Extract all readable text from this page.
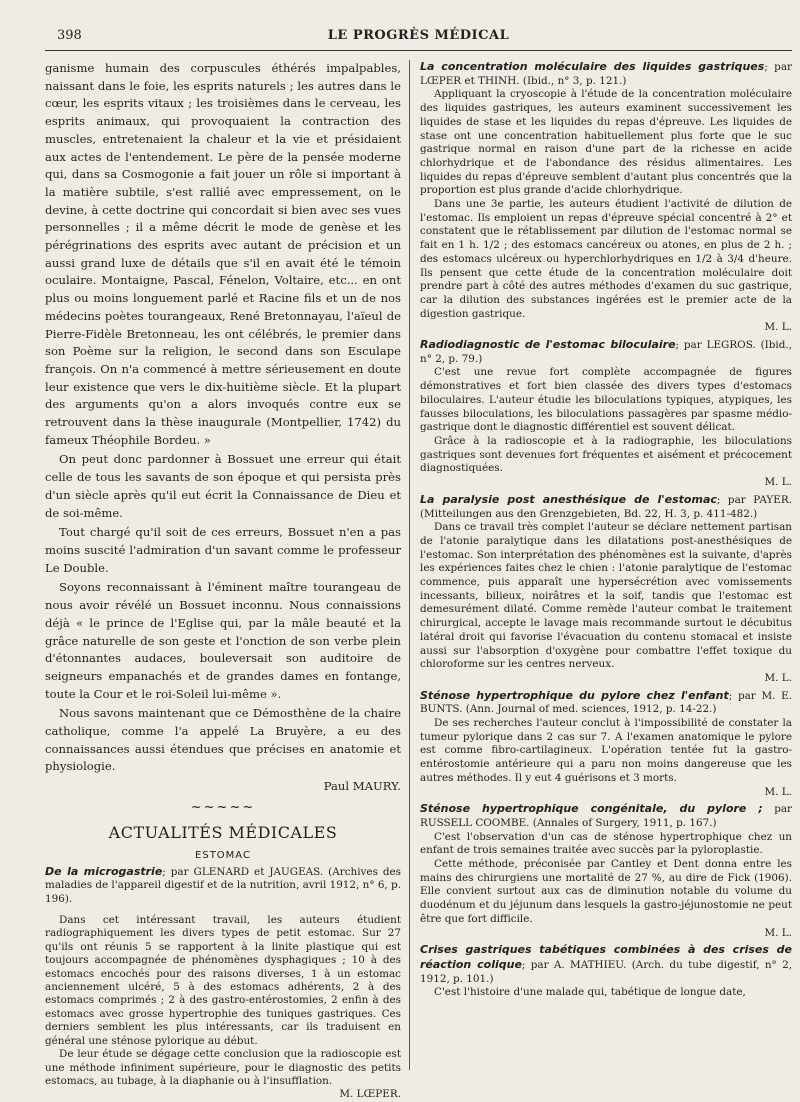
398	LE PROGRÈS MÉDICAL

ganisme humain des corpuscules éthérés impalpables, naissant dans le foie, les esprits naturels ; les autres dans le cœur, les esprits vitaux ; les troisièmes dans le cerveau, les esprits animaux, qui provoquaient la contraction des muscles, entretenaient la chaleur et la vie et présidaient aux actes de l'entendement. Le père de la pensée moderne qui, dans sa Cosmogonie a fait jouer un rôle si important à la matière subtile, s'est rallié avec empressement, on le devine, à cette doctrine qui concordait si bien avec ses vues personnelles ; il a même décrit le mode de genèse et les pérégrinations des esprits avec autant de précision et un aussi grand luxe de détails que s'il en avait été le témoin oculaire. Montaigne, Pascal, Fénelon, Voltaire, etc... en ont plus ou moins longuement parlé et Racine fils et un de nos médecins poètes tourangeaux, René Bretonnayau, l'aïeul de Pierre-Fidèle Bretonneau, les ont célébrés, le premier dans son Poème sur la religion, le second dans son Esculape françois. On n'a commencé à mettre sérieusement en doute leur existence que vers le dix-huitième siècle. Et la plupart des arguments qu'on a alors invoqués contre eux se retrouvent dans la thèse inaugurale (Montpellier, 1742) du fameux Théophile Bordeu. »

On peut donc pardonner à Bossuet une erreur qui était celle de tous les savants de son époque et qui persista près d'un siècle après qu'il eut écrit la Connaissance de Dieu et de soi-même.

Tout chargé qu'il soit de ces erreurs, Bossuet n'en a pas moins suscité l'admiration d'un savant comme le professeur Le Double.

Soyons reconnaissant à l'éminent maître tourangeau de nous avoir révélé un Bossuet inconnu. Nous connaissions déjà « le prince de l'Eglise qui, par la mâle beauté et la grâce naturelle de son geste et l'onction de son verbe plein d'étonnantes audaces, bouleversait son auditoire de seigneurs empanachés et de grandes dames en fontange, toute la Cour et le roi-Soleil lui-même ».

Nous savons maintenant que ce Démosthène de la chaire catholique, comme l'a appelé La Bruyère, a eu des connaissances aussi étendues que précises en anatomie et physiologie.

Paul MAURY.

~~~~~
ACTUALITÉS MÉDICALES
ESTOMAC

De la microgastrie; par GLENARD et JAUGEAS. (Archives des maladies de l'appareil digestif et de la nutrition, avril 1912, n° 6, p. 196).

Dans cet intéressant travail, les auteurs étudient radiographiquement les divers types de petit estomac. Sur 27 qu'ils ont réunis 5 se rapportent à la linite plastique qui est toujours accompagnée de phénomènes dysphagiques ; 10 à des estomacs encochés pour des raisons diverses, 1 à un estomac anciennement ulcéré, 5 à des estomacs adhérents, 2 à des estomacs comprimés ; 2 à des gastro-entérostomies, 2 enfin à des estomacs avec grosse hypertrophie des tuniques gastriques. Ces derniers semblent les plus intéressants, car ils traduisent en général une sténose pylorique au début.

De leur étude se dégage cette conclusion que la radioscopie est une méthode infiniment supérieure, pour le diagnostic des petits estomacs, au tubage, à la diaphanie ou à l'insufflation.

M. LŒPER.

La concentration moléculaire des liquides gastriques; par LŒPER et THINH. (Ibid., n° 3, p. 121.)

Appliquant la cryoscopie à l'étude de la concentration moléculaire des liquides gastriques, les auteurs examinent successivement les liquides de stase et les liquides du repas d'épreuve. Les liquides de stase ont une concentration habituellement plus forte que le suc gastrique normal en raison d'une part de la richesse en acide chlorhydrique et de l'abondance des résidus alimentaires. Les liquides du repas d'épreuve semblent d'autant plus concentrés que la proportion est plus grande d'acide chlorhydrique.

Dans une 3e partie, les auteurs étudient l'activité de dilution de l'estomac. Ils emploient un repas d'épreuve spécial concentré à 2° et constatent que le rétablissement par dilution de l'estomac normal se fait en 1 h. 1/2 ; des estomacs cancéreux ou atones, en plus de 2 h. ; des estomacs ulcéreux ou hyperchlorhydriques en 1/2 à 3/4 d'heure. Ils pensent que cette étude de la concentration moléculaire doit prendre part à côté des autres méthodes d'examen du suc gastrique, car la dilution des substances ingérées est le premier acte de la digestion gastrique.

M. L.

Radiodiagnostic de l'estomac biloculaire; par LEGROS. (Ibid., n° 2, p. 79.)

C'est une revue fort complète accompagnée de figures démonstratives et fort bien classée des divers types d'estomacs biloculaires. L'auteur étudie les biloculations typiques, atypiques, les fausses biloculations, les biloculations passagères par spasme médio-gastrique dont le diagnostic différentiel est souvent délicat.

Grâce à la radioscopie et à la radiographie, les biloculations gastriques sont devenues fort fréquentes et aisément et précocement diagnostiquées.

M. L.

La paralysie post anesthésique de l'estomac; par PAYER. (Mitteilungen aus den Grenzgebieten, Bd. 22, H. 3, p. 411-482.)

Dans ce travail très complet l'auteur se déclare nettement partisan de l'atonie paralytique dans les dilatations post-anesthésiques de l'estomac. Son interprétation des phénomènes est la suivante, d'après les expériences faites chez le chien : l'atonie paralytique de l'estomac commence, puis apparaît une hypersécrétion avec vomissements incessants, bilieux, noirâtres et la soif, tandis que l'estomac est demesurément dilaté. Comme remède l'auteur combat le traitement chirurgical, accepte le lavage mais recommande surtout le décubitus latéral droit qui favorise l'évacuation du contenu stomacal et insiste aussi sur l'absorption d'oxygène pour combattre l'effet toxique du chloroforme sur les centres nerveux.

M. L.

Sténose hypertrophique du pylore chez l'enfant; par M. E. BUNTS. (Ann. Journal of med. sciences, 1912, p. 14-22.)

De ses recherches l'auteur conclut à l'impossibilité de constater la tumeur pylorique dans 2 cas sur 7. A l'examen anatomique le pylore est comme fibro-cartilagineux. L'opération tentée fut la gastro-entérostomie antérieure qui a paru non moins dangereuse que les autres méthodes. Il y eut 4 guérisons et 3 morts.

M. L.

Sténose hypertrophique congénitale, du pylore ; par RUSSELL COOMBE. (Annales of Surgery, 1911, p. 167.)

C'est l'observation d'un cas de sténose hypertrophique chez un enfant de trois semaines traitée avec succès par la pyloroplastie.

Cette méthode, préconisée par Cantley et Dent donna entre les mains des chirurgiens une mortalité de 27 %, au dire de Fick (1906). Elle convient surtout aux cas de diminution notable du volume du duodénum et du jéjunum dans lesquels la gastro-jéjunostomie ne peut être que fort difficile.

M. L.

Crises gastriques tabétiques combinées à des crises de réaction colique; par A. MATHIEU. (Arch. du tube digestif, n° 2, 1912, p. 101.)

C'est l'histoire d'une malade qui, tabétique de longue date,
